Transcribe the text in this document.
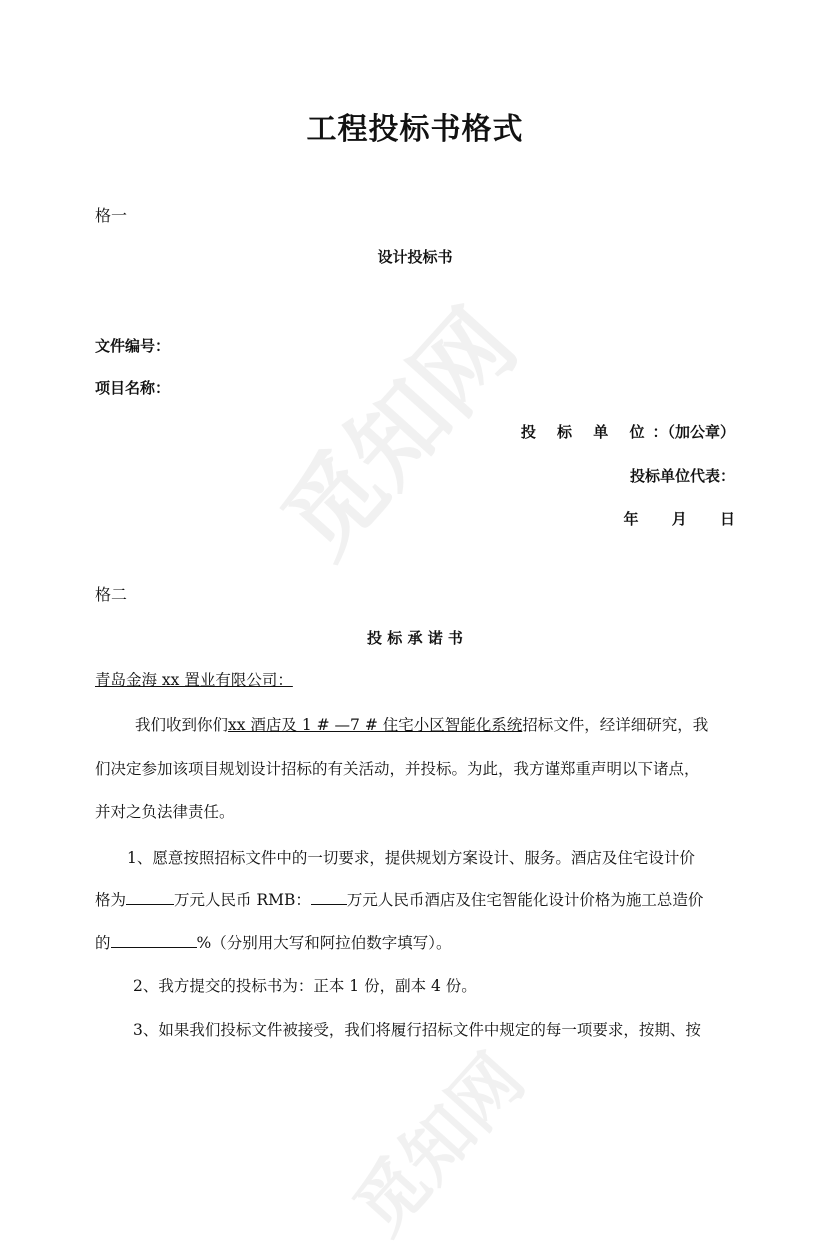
觅知网
觅知网
工程投标书格式
格一
设计投标书
文件编号：
项目名称：
投 标 单 位：（加公章）
投标单位代表：
年 月 日
格二
投 标 承 诺 书
青岛金海 xx 置业有限公司：
我们收到你们xx 酒店及 1 # —7 # 住宅小区智能化系统招标文件，经详细研究，我
们决定参加该项目规划设计招标的有关活动，并投标。为此，我方谨郑重声明以下诸点，
并对之负法律责任。
1、愿意按照招标文件中的一切要求，提供规划方案设计、服务。酒店及住宅设计价
格为	万元人民币 RMB： 万元人民币酒店及住宅智能化设计价格为施工总造价
的	%（分别用大写和阿拉伯数字填写）。
2、我方提交的投标书为：正本 1 份，副本 4 份。
3、如果我们投标文件被接受，我们将履行招标文件中规定的每一项要求，按期、按
